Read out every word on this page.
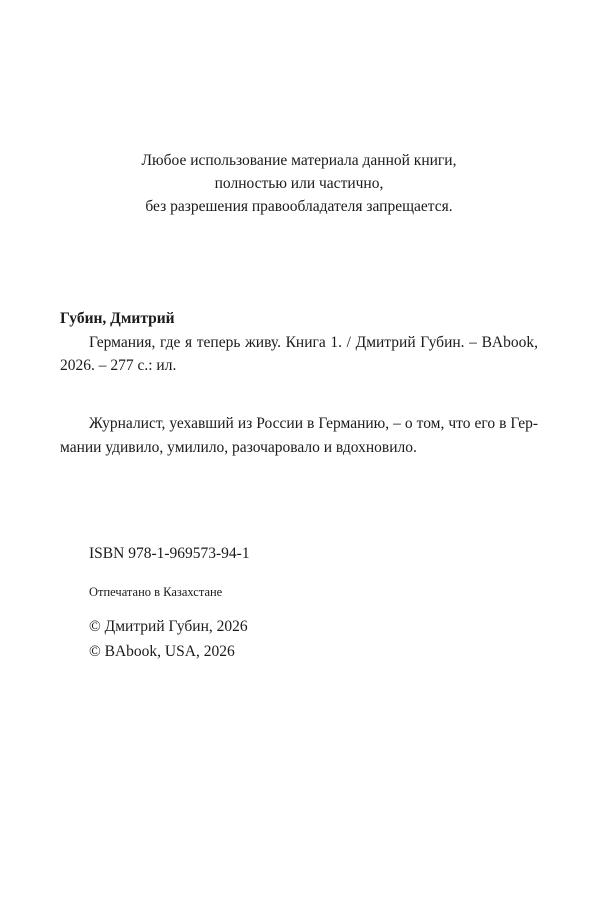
Любое использование материала данной книги,
полностью или частично,
без разрешения правообладателя запрещается.
Губин, Дмитрий
Германия, где я теперь живу. Книга 1. / Дмитрий Губин. – BAbook,
2026. – 277 с.: ил.
Журналист, уехавший из России в Германию, – о том, что его в Гер-
мании удивило, умилило, разочаровало и вдохновило.
ISBN 978-1-969573-94-1
Отпечатано в Казахстане
© Дмитрий Губин, 2026
© BAbook, USA, 2026
